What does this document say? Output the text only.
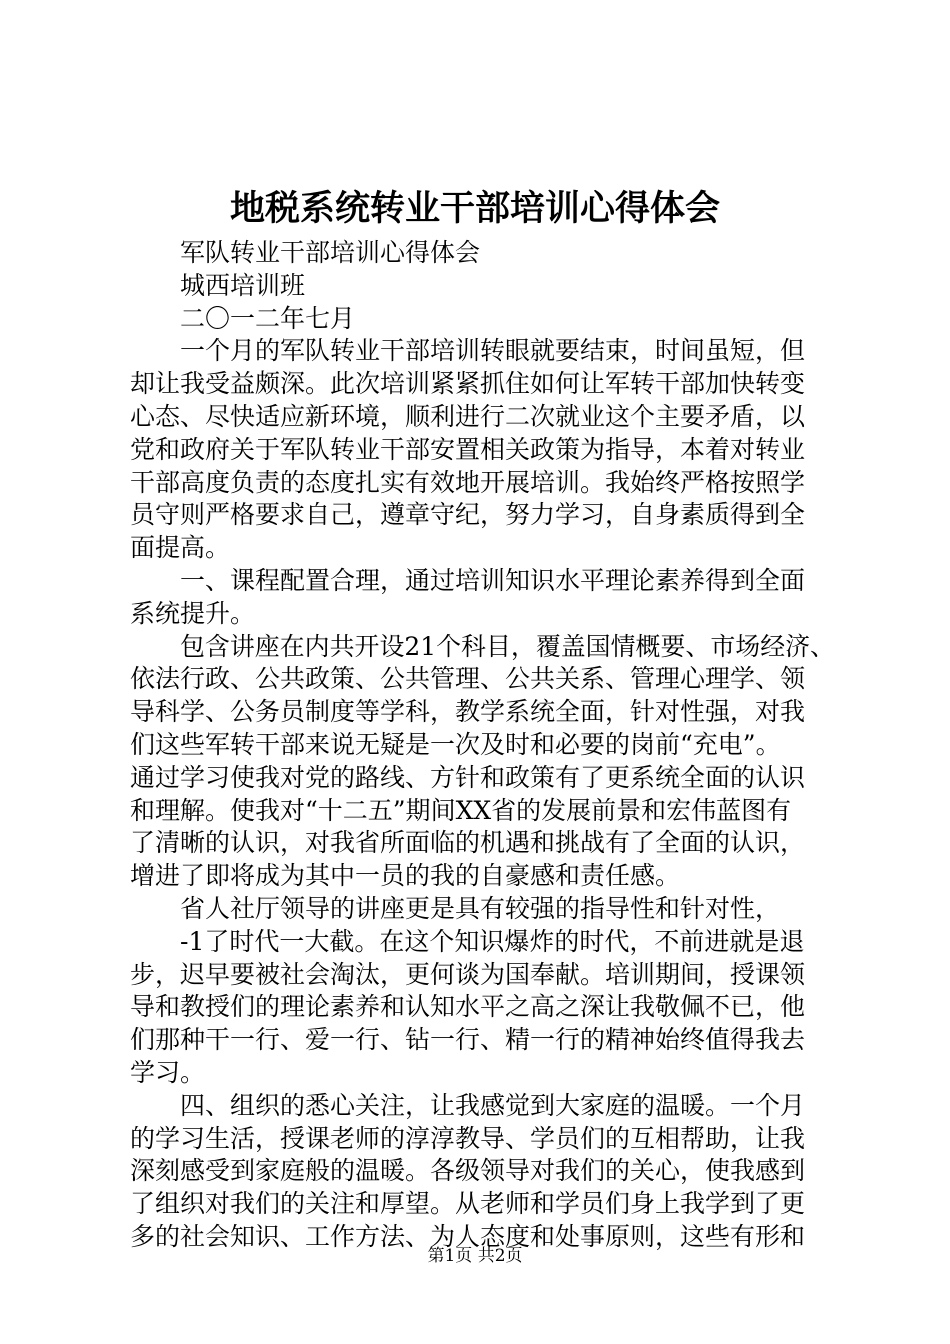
地税系统转业干部培训心得体会
军队转业干部培训心得体会
城西培训班
二〇一二年七月
一个月的军队转业干部培训转眼就要结束，时间虽短，但
却让我受益颇深。此次培训紧紧抓住如何让军转干部加快转变
心态、尽快适应新环境，顺利进行二次就业这个主要矛盾，以
党和政府关于军队转业干部安置相关政策为指导，本着对转业
干部高度负责的态度扎实有效地开展培训。我始终严格按照学
员守则严格要求自己，遵章守纪，努力学习，自身素质得到全
面提高。
一、课程配置合理，通过培训知识水平理论素养得到全面
系统提升。
包含讲座在内共开设21个科目，覆盖国情概要、市场经济、
依法行政、公共政策、公共管理、公共关系、管理心理学、领
导科学、公务员制度等学科，教学系统全面，针对性强，对我
们这些军转干部来说无疑是一次及时和必要的岗前“充电”。
通过学习使我对党的路线、方针和政策有了更系统全面的认识
和理解。使我对“十二五”期间XX省的发展前景和宏伟蓝图有
了清晰的认识，对我省所面临的机遇和挑战有了全面的认识，
增进了即将成为其中一员的我的自豪感和责任感。
省人社厅领导的讲座更是具有较强的指导性和针对性，
-1了时代一大截。在这个知识爆炸的时代，不前进就是退
步，迟早要被社会淘汰，更何谈为国奉献。培训期间，授课领
导和教授们的理论素养和认知水平之高之深让我敬佩不已，他
们那种干一行、爱一行、钻一行、精一行的精神始终值得我去
学习。
四、组织的悉心关注，让我感觉到大家庭的温暖。一个月
的学习生活，授课老师的淳淳教导、学员们的互相帮助，让我
深刻感受到家庭般的温暖。各级领导对我们的关心，使我感到
了组织对我们的关注和厚望。从老师和学员们身上我学到了更
多的社会知识、工作方法、为人态度和处事原则，这些有形和
第1页 共2页
